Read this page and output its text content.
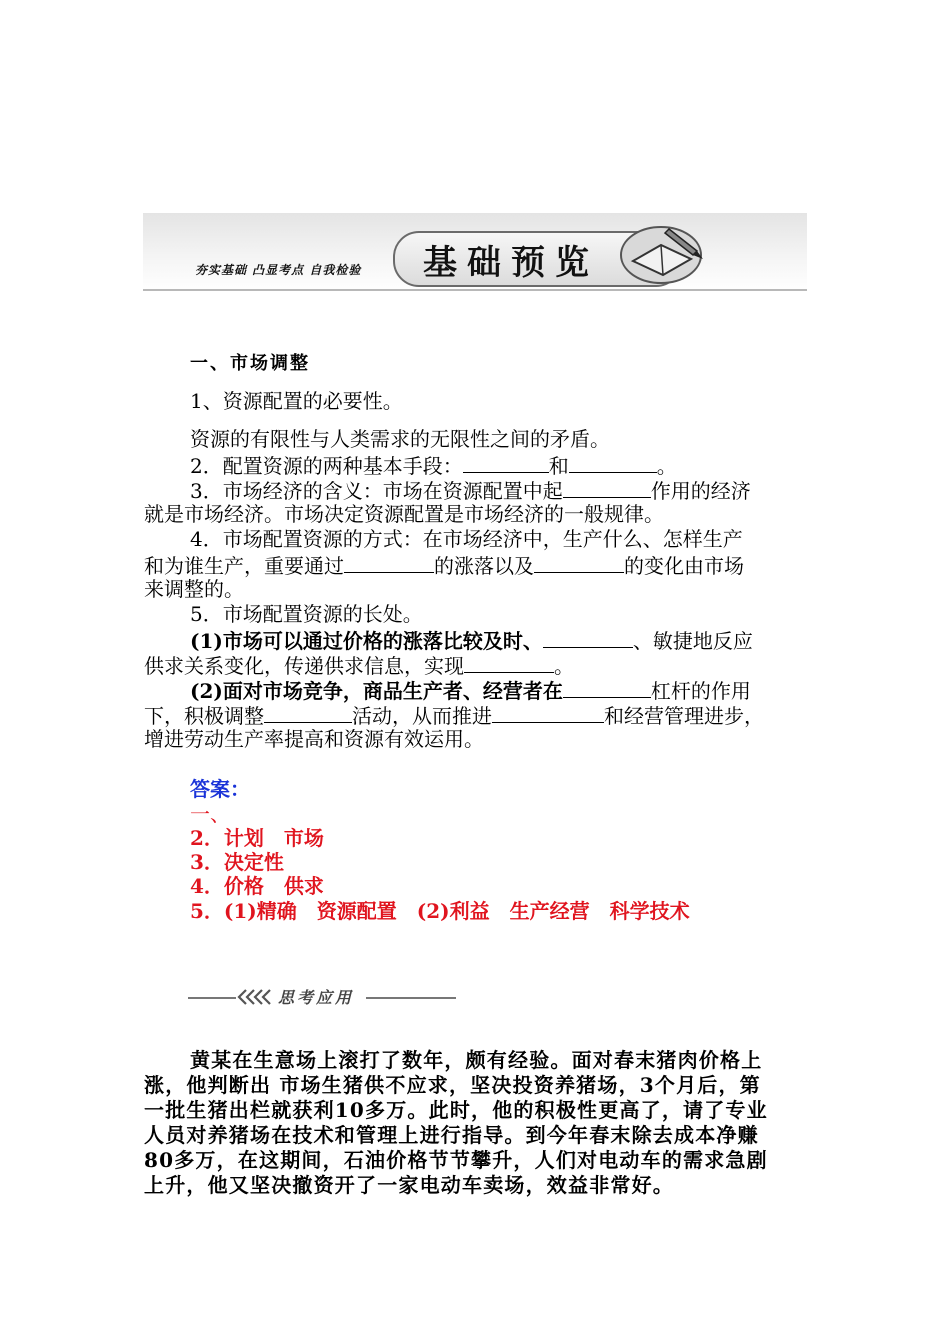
夯实基础 凸显考点 自我检验 基础预览
一、市场调整
1、资源配置的必要性。
资源的有限性与人类需求的无限性之间的矛盾。
2．配置资源的两种基本手段：	和	。
3．市场经济的含义：市场在资源配置中起	作用的经济
就是市场经济。市场决定资源配置是市场经济的一般规律。
4．市场配置资源的方式：在市场经济中，生产什么、怎样生产
和为谁生产，重要通过	的涨落以及	的变化由市场
来调整的。
5．市场配置资源的长处。
(1)市场可以通过价格的涨落比较及时、	、敏捷地反应
供求关系变化，传递供求信息，实现	。
(2)面对市场竞争，商品生产者、经营者在	杠杆的作用
下，积极调整	活动，从而推进	和经营管理进步，
增进劳动生产率提高和资源有效运用。
答案：
一、
2．计划　市场
3．决定性
4．价格　供求
5．(1)精确　资源配置　(2)利益　生产经营　科学技术
思考应用
黄某在生意场上滚打了数年，颇有经验。面对春末猪肉价格上
涨，他判断出 市场生猪供不应求，坚决投资养猪场，3个月后，第
一批生猪出栏就获利10多万。此时，他的积极性更高了，请了专业
人员对养猪场在技术和管理上进行指导。到今年春末除去成本净赚
80多万，在这期间，石油价格节节攀升，人们对电动车的需求急剧
上升，他又坚决撤资开了一家电动车卖场，效益非常好。
